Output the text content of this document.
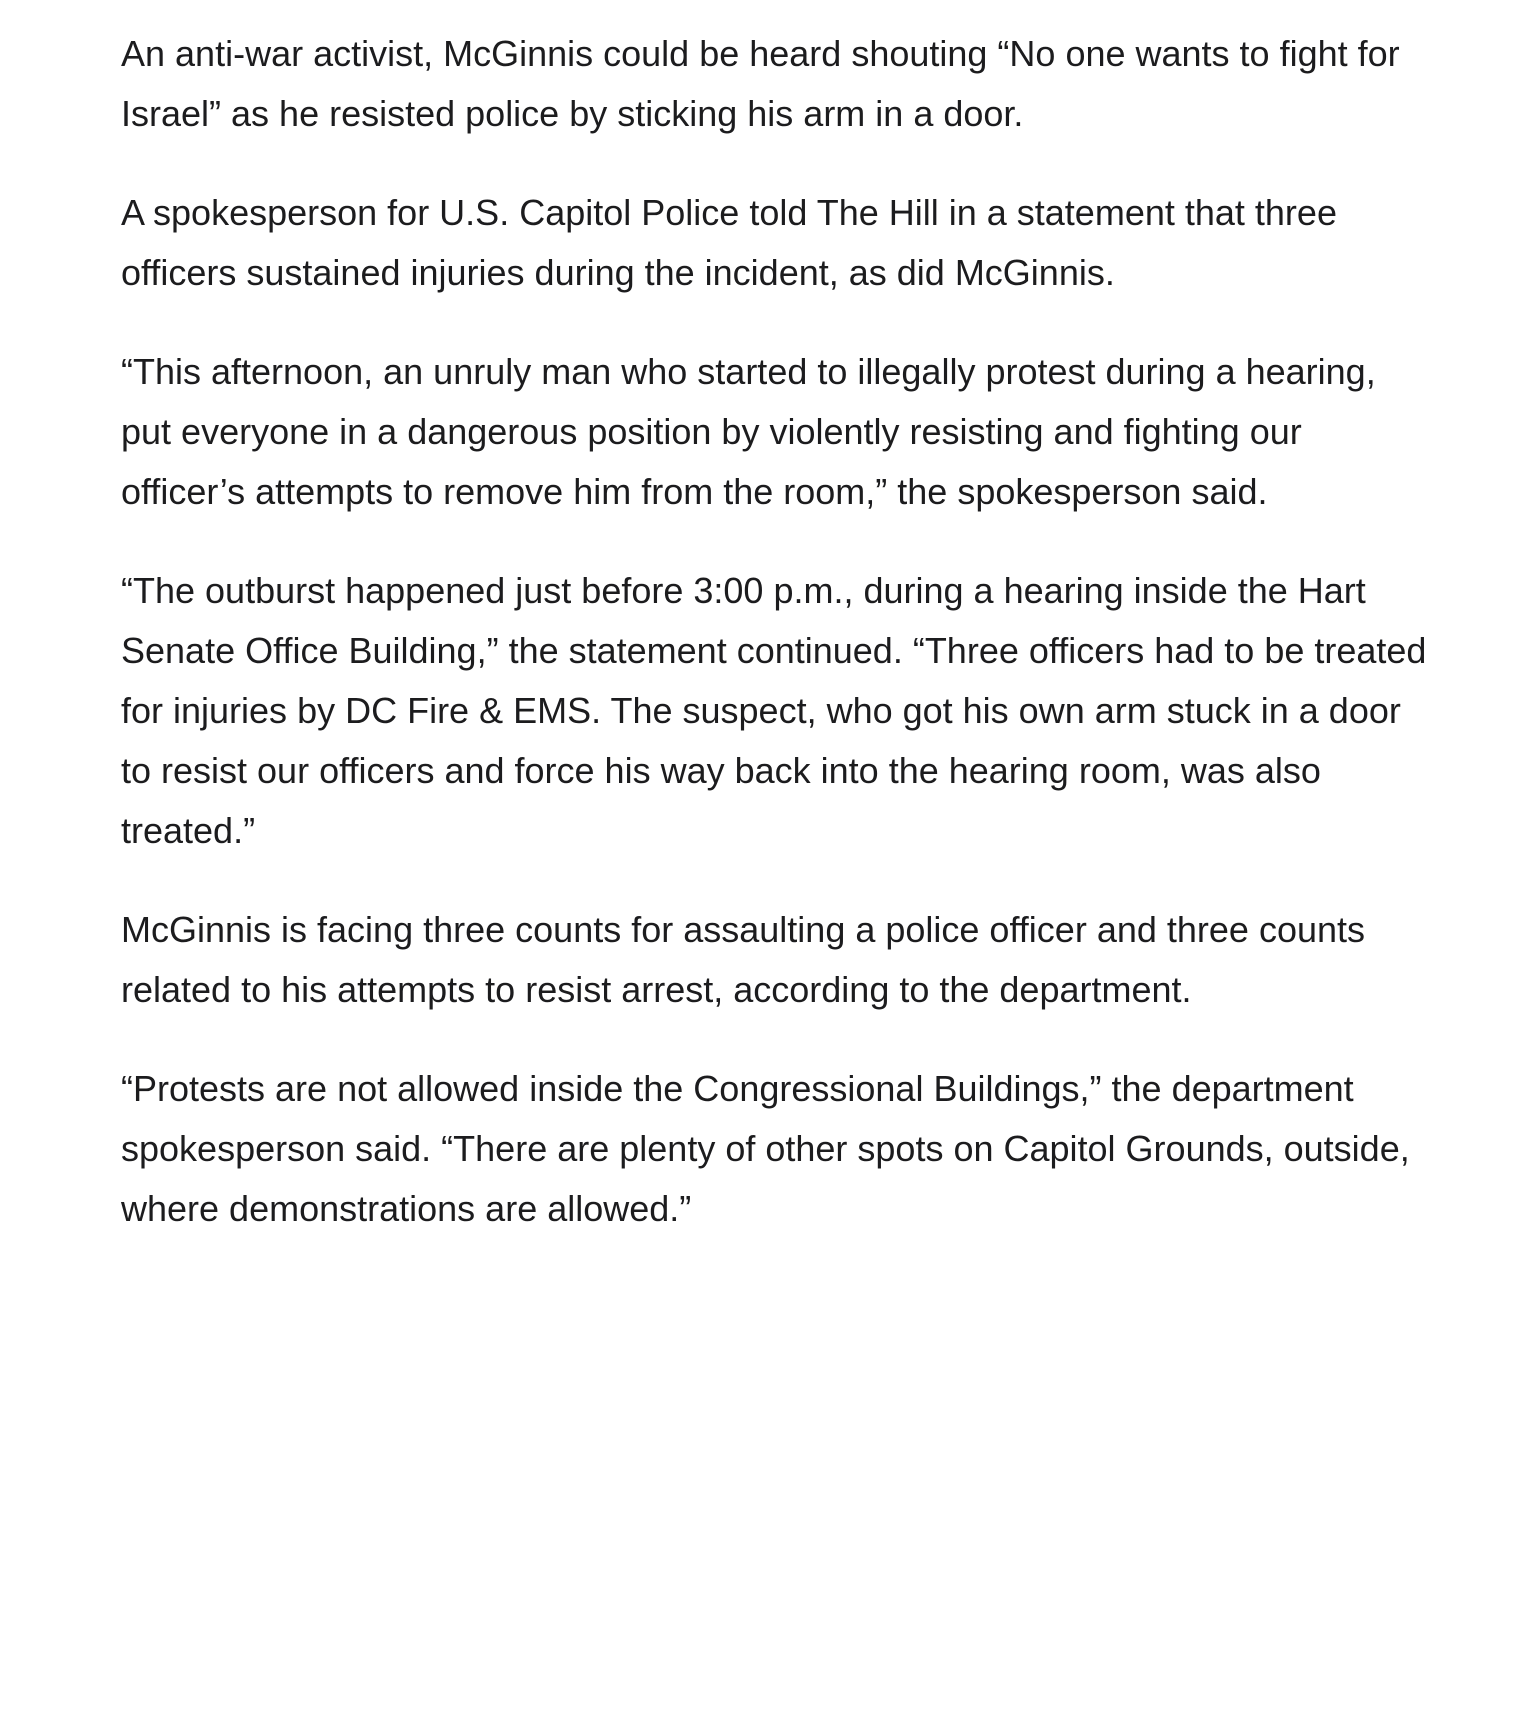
An anti-war activist, McGinnis could be heard shouting “No one wants to fight for Israel” as he resisted police by sticking his arm in a door.

A spokesperson for U.S. Capitol Police told The Hill in a statement that three officers sustained injuries during the incident, as did McGinnis.

“This afternoon, an unruly man who started to illegally protest during a hearing, put everyone in a dangerous position by violently resisting and fighting our officer’s attempts to remove him from the room,” the spokesperson said.

“The outburst happened just before 3:00 p.m., during a hearing inside the Hart Senate Office Building,” the statement continued. “Three officers had to be treated for injuries by DC Fire & EMS. The suspect, who got his own arm stuck in a door to resist our officers and force his way back into the hearing room, was also treated.”

McGinnis is facing three counts for assaulting a police officer and three counts related to his attempts to resist arrest, according to the department.

“Protests are not allowed inside the Congressional Buildings,” the department spokesperson said. “There are plenty of other spots on Capitol Grounds, outside, where demonstrations are allowed.”
